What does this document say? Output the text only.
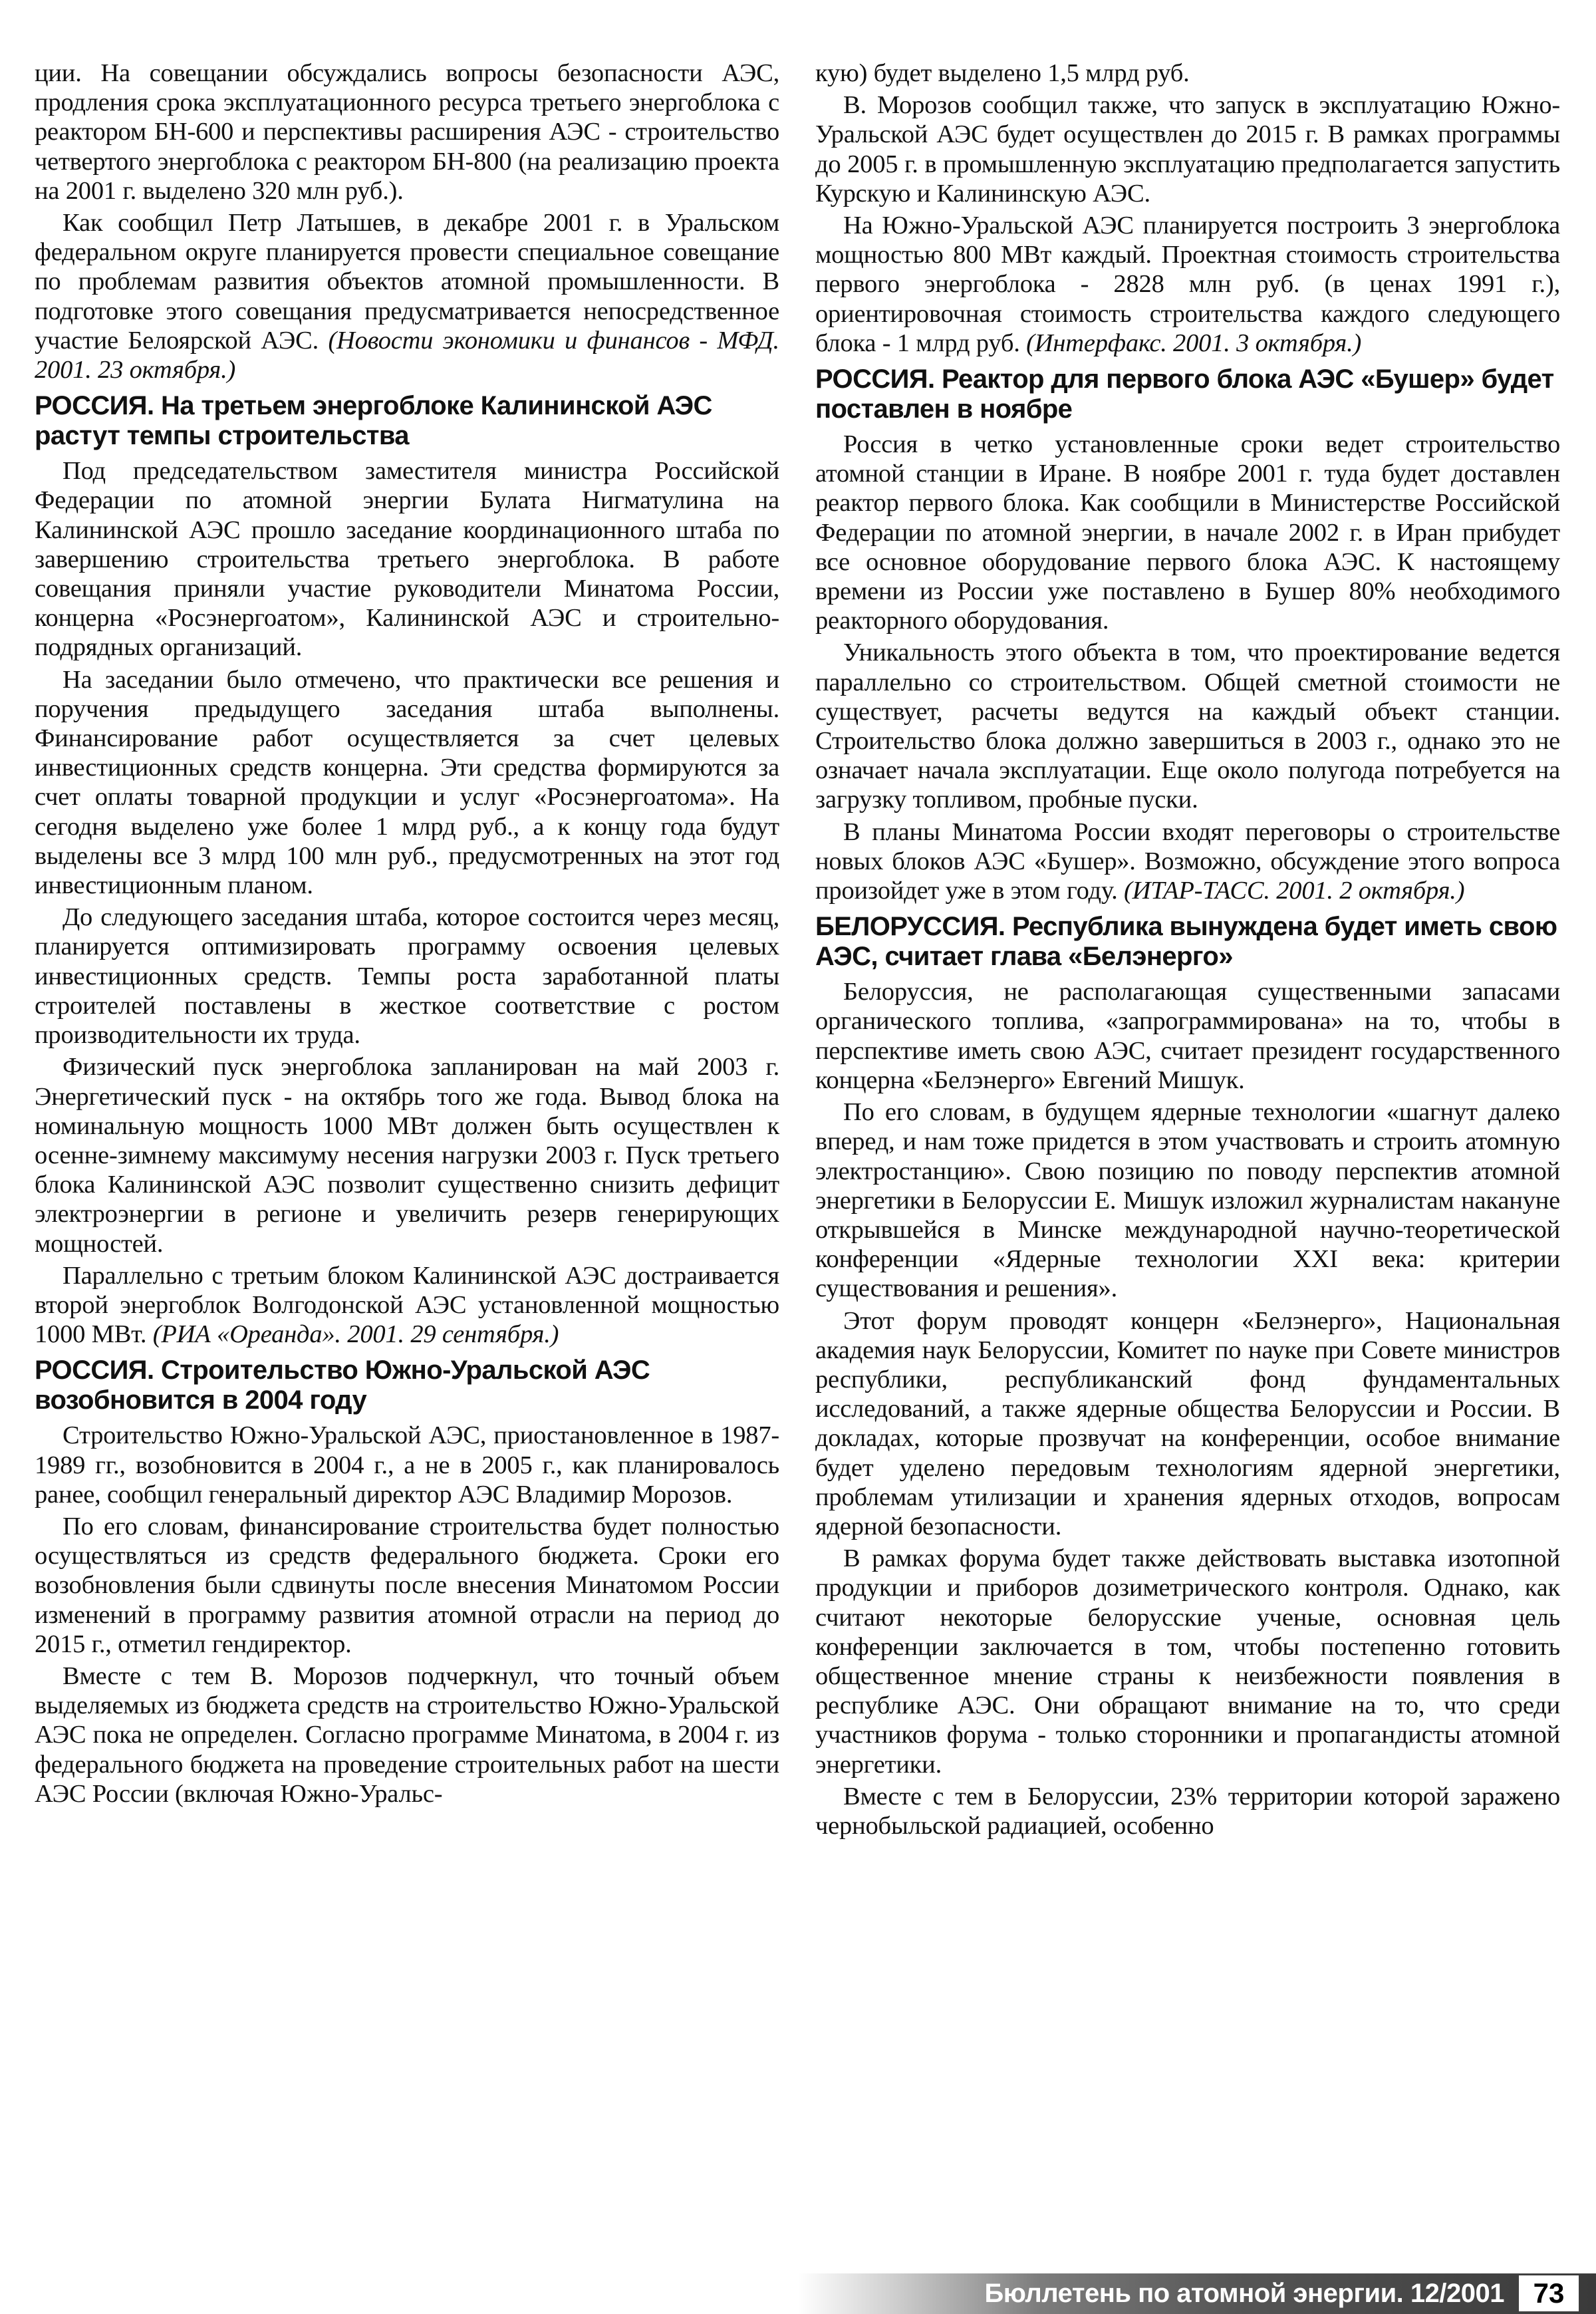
ции. На совещании обсуждались вопросы безопасности АЭС, продления срока эксплуатационного ресурса третьего энергоблока с реактором БН-600 и перспективы расширения АЭС - строительство четвертого энергоблока с реактором БН-800 (на реализацию проекта на 2001 г. выделено 320 млн руб.).

Как сообщил Петр Латышев, в декабре 2001 г. в Уральском федеральном округе планируется провести специальное совещание по проблемам развития объектов атомной промышленности. В подготовке этого совещания предусматривается непосредственное участие Белоярской АЭС. (Новости экономики и финансов - МФД. 2001. 23 октября.)

РОССИЯ. На третьем энергоблоке Калининской АЭС растут темпы строительства

Под председательством заместителя министра Российской Федерации по атомной энергии Булата Нигматулина на Калининской АЭС прошло заседание координационного штаба по завершению строительства третьего энергоблока. В работе совещания приняли участие руководители Минатома России, концерна «Росэнергоатом», Калининской АЭС и строительно-подрядных организаций.

На заседании было отмечено, что практически все решения и поручения предыдущего заседания штаба выполнены. Финансирование работ осуществляется за счет целевых инвестиционных средств концерна. Эти средства формируются за счет оплаты товарной продукции и услуг «Росэнергоатома». На сегодня выделено уже более 1 млрд руб., а к концу года будут выделены все 3 млрд 100 млн руб., предусмотренных на этот год инвестиционным планом.

До следующего заседания штаба, которое состоится через месяц, планируется оптимизировать программу освоения целевых инвестиционных средств. Темпы роста заработанной платы строителей поставлены в жесткое соответствие с ростом производительности их труда.

Физический пуск энергоблока запланирован на май 2003 г. Энергетический пуск - на октябрь того же года. Вывод блока на номинальную мощность 1000 МВт должен быть осуществлен к осенне-зимнему максимуму несения нагрузки 2003 г. Пуск третьего блока Калининской АЭС позволит существенно снизить дефицит электроэнергии в регионе и увеличить резерв генерирующих мощностей.

Параллельно с третьим блоком Калининской АЭС достраивается второй энергоблок Волгодонской АЭС установленной мощностью 1000 МВт. (РИА «Ореанда». 2001. 29 сентября.)

РОССИЯ. Строительство Южно-Уральской АЭС возобновится в 2004 году

Строительство Южно-Уральской АЭС, приостановленное в 1987-1989 гг., возобновится в 2004 г., а не в 2005 г., как планировалось ранее, сообщил генеральный директор АЭС Владимир Морозов.

По его словам, финансирование строительства будет полностью осуществляться из средств федерального бюджета. Сроки его возобновления были сдвинуты после внесения Минатомом России изменений в программу развития атомной отрасли на период до 2015 г., отметил гендиректор.

Вместе с тем В. Морозов подчеркнул, что точный объем выделяемых из бюджета средств на строительство Южно-Уральской АЭС пока не определен. Согласно программе Минатома, в 2004 г. из федерального бюджета на проведение строительных работ на шести АЭС России (включая Южно-Уральс-

кую) будет выделено 1,5 млрд руб.

В. Морозов сообщил также, что запуск в эксплуатацию Южно-Уральской АЭС будет осуществлен до 2015 г. В рамках программы до 2005 г. в промышленную эксплуатацию предполагается запустить Курскую и Калининскую АЭС.

На Южно-Уральской АЭС планируется построить 3 энергоблока мощностью 800 МВт каждый. Проектная стоимость строительства первого энергоблока - 2828 млн руб. (в ценах 1991 г.), ориентировочная стоимость строительства каждого следующего блока - 1 млрд руб. (Интерфакс. 2001. 3 октября.)

РОССИЯ. Реактор для первого блока АЭС «Бушер» будет поставлен в ноябре

Россия в четко установленные сроки ведет строительство атомной станции в Иране. В ноябре 2001 г. туда будет доставлен реактор первого блока. Как сообщили в Министерстве Российской Федерации по атомной энергии, в начале 2002 г. в Иран прибудет все основное оборудование первого блока АЭС. К настоящему времени из России уже поставлено в Бушер 80% необходимого реакторного оборудования.

Уникальность этого объекта в том, что проектирование ведется параллельно со строительством. Общей сметной стоимости не существует, расчеты ведутся на каждый объект станции. Строительство блока должно завершиться в 2003 г., однако это не означает начала эксплуатации. Еще около полугода потребуется на загрузку топливом, пробные пуски.

В планы Минатома России входят переговоры о строительстве новых блоков АЭС «Бушер». Возможно, обсуждение этого вопроса произойдет уже в этом году. (ИТАР-ТАСС. 2001. 2 октября.)

БЕЛОРУССИЯ. Республика вынуждена будет иметь свою АЭС, считает глава «Белэнерго»

Белоруссия, не располагающая существенными запасами органического топлива, «запрограммирована» на то, чтобы в перспективе иметь свою АЭС, считает президент государственного концерна «Белэнерго» Евгений Мишук.

По его словам, в будущем ядерные технологии «шагнут далеко вперед, и нам тоже придется в этом участвовать и строить атомную электростанцию». Свою позицию по поводу перспектив атомной энергетики в Белоруссии Е. Мишук изложил журналистам накануне открывшейся в Минске международной научно-теоретической конференции «Ядерные технологии XXI века: критерии существования и решения».

Этот форум проводят концерн «Белэнерго», Национальная академия наук Белоруссии, Комитет по науке при Совете министров республики, республиканский фонд фундаментальных исследований, а также ядерные общества Белоруссии и России. В докладах, которые прозвучат на конференции, особое внимание будет уделено передовым технологиям ядерной энергетики, проблемам утилизации и хранения ядерных отходов, вопросам ядерной безопасности.

В рамках форума будет также действовать выставка изотопной продукции и приборов дозиметрического контроля. Однако, как считают некоторые белорусские ученые, основная цель конференции заключается в том, чтобы постепенно готовить общественное мнение страны к неизбежности появления в республике АЭС. Они обращают внимание на то, что среди участников форума - только сторонники и пропагандисты атомной энергетики.

Вместе с тем в Белоруссии, 23% территории которой заражено чернобыльской радиацией, особенно

Бюллетень по атомной энергии. 12/2001	73
